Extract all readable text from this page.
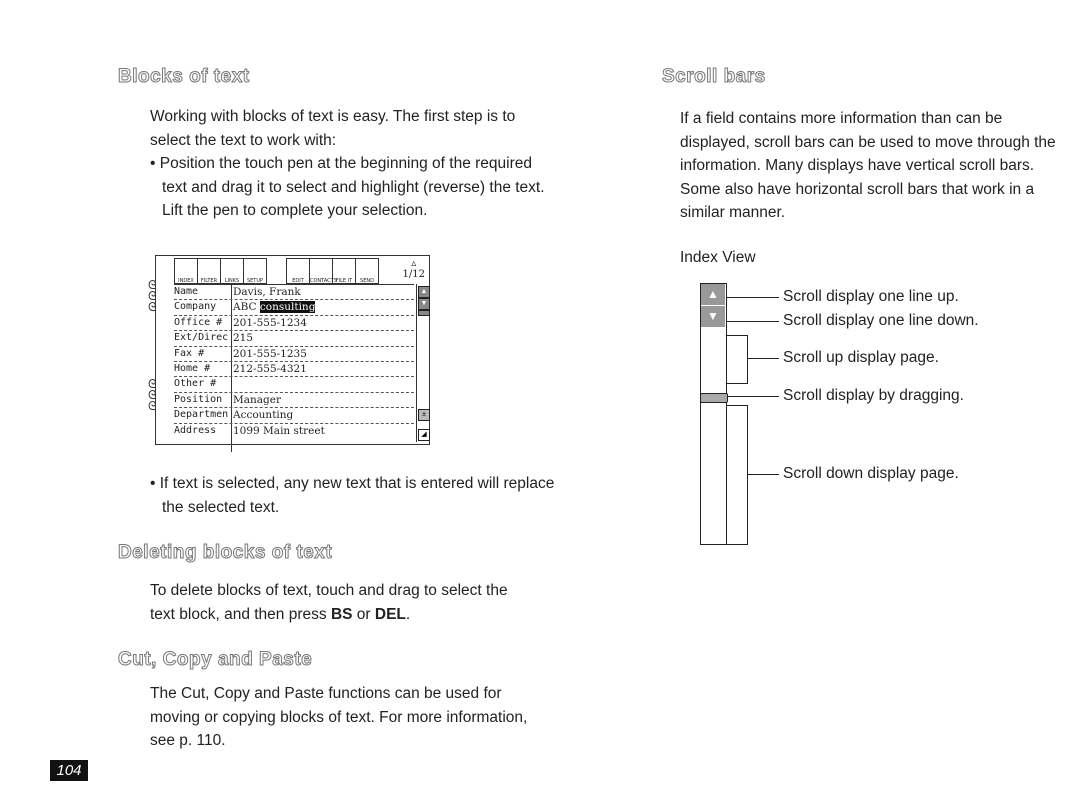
Blocks of text
Working with blocks of text is easy. The first step is to select the text to work with:
• Position the touch pen at the beginning of the required text and drag it to select and highlight (reverse) the text. Lift the pen to complete your selection.
ᘓ
ᘓ
ᘓ

ᘓ
ᘓ
ᘓ
INDEX	FILTER	LINKS	SETUP	EDIT	CONTACTS
FILE IT	SEND
▵
1/12
Name	Davis, Frank
Company	ABC consulting
Office #	201-555-1234
Ext/Direc 215
Fax #	201-555-1235
Home #	212-555-4321
Other #
Position	Manager
Departmen Accounting
Address	1099 Main street
▲
▼
±
◢
• If text is selected, any new text that is entered will replace the selected text.
Deleting blocks of text
To delete blocks of text, touch and drag to select the text block, and then press BS or DEL.
Cut, Copy and Paste
The Cut, Copy and Paste functions can be used for moving or copying blocks of text. For more information, see p. 110.
104
Scroll bars
If a field contains more information than can be displayed, scroll bars can be used to move through the information. Many displays have vertical scroll bars. Some also have horizontal scroll bars that work in a similar manner.
Index View
▲
▼
Scroll display one line up.
Scroll display one line down.
Scroll up display page.
Scroll display by dragging.
Scroll down display page.
